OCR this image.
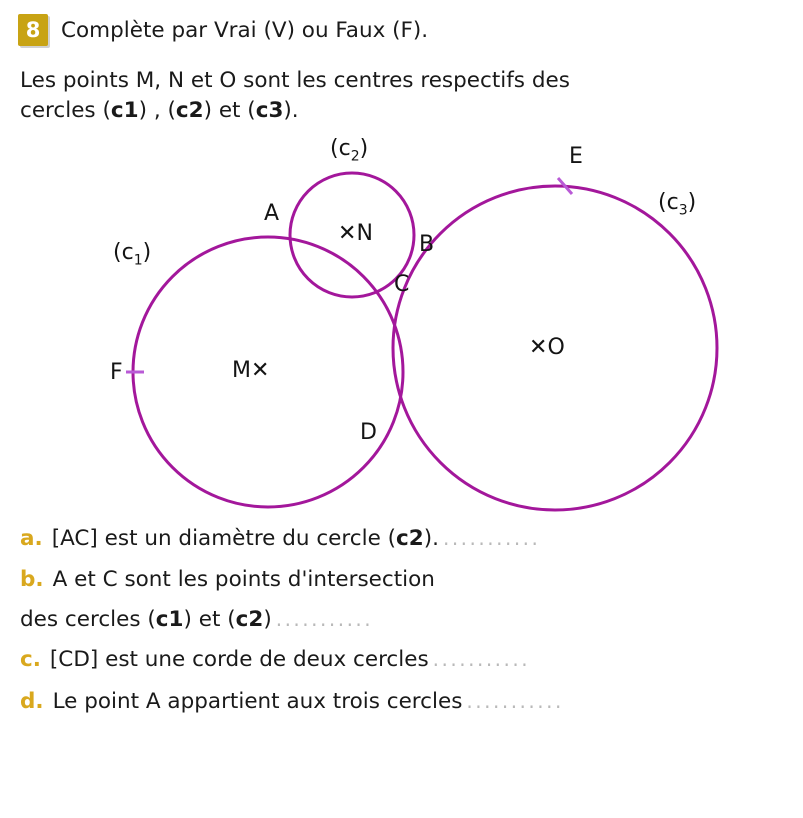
8 Complète par Vrai (V) ou Faux (F).
Les points M, N et O sont les centres respectifs des
cercles (c1) , (c2) et (c3).
$(c_2)$
$(c_1)$
$(c_3)$
A
B
C
D
E
F	M✕
✕N
✕O
a. [AC] est un diamètre du cercle (c2). ...........
b. A et C sont les points d'intersection
des cercles (c1) et (c2) ...........
c. [CD] est une corde de deux cercles ...........
d. Le point A appartient aux trois cercles ...........
